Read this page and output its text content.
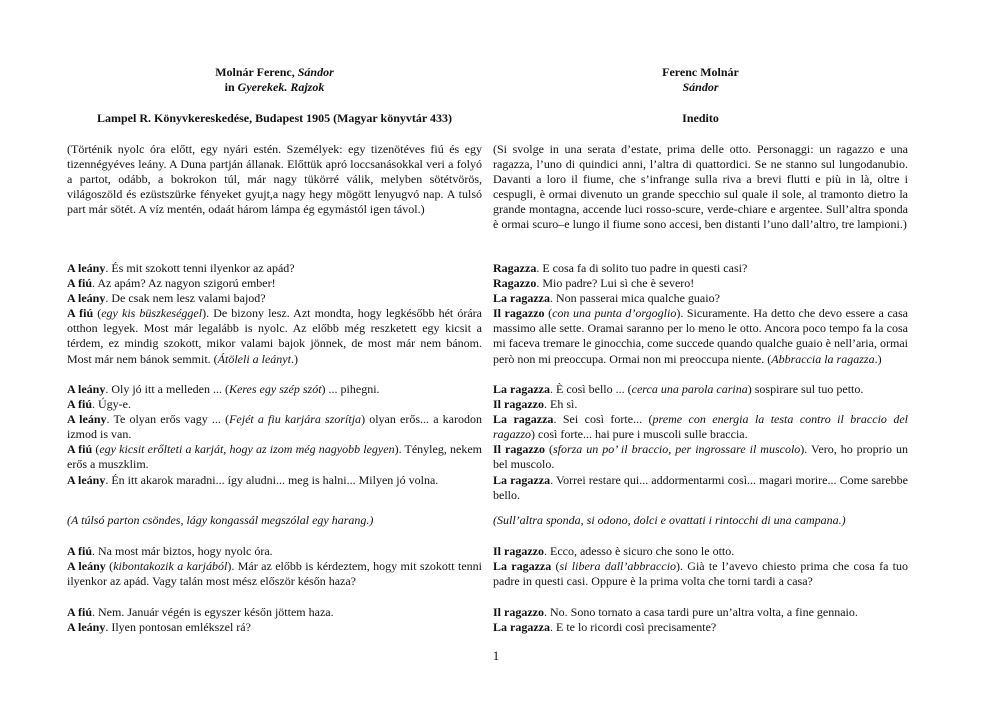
Molnár Ferenc, Sándor
in Gyerekek. Rajzok
Lampel R. Könyvkereskedése, Budapest 1905 (Magyar könyvtár 433)

(Történik nyolc óra előtt, egy nyári estén. Személyek: egy tizenötéves fiú és egy tizennégyéves leány. A Duna partján állanak. Előttük apró loccsanásokkal veri a folyó a partot, odább, a bokrokon túl, már nagy tükörré válik, melyben sötétvörös, világoszöld és ezüstszürke fényeket gyujt,a nagy hegy mögött lenyugvó nap. A tulsó part már sötét. A víz mentén, odaát három lámpa ég egymástól igen távol.)

A leány. És mit szokott tenni ilyenkor az apád?
A fiú. Az apám? Az nagyon szigorú ember!
A leány. De csak nem lesz valami bajod?
A fiú (egy kis büszkeséggel). De bizony lesz. Azt mondta, hogy legkésőbb hét órára otthon legyek. Most már legalább is nyolc. Az előbb még reszketett egy kicsit a térdem, ez mindig szokott, mikor valami bajok jönnek, de most már nem bánom. Most már nem bánok semmit. (Átöleli a leányt.)
A leány. Oly jó itt a melleden ... (Keres egy szép szót) ... pihegni.
A fiú. Úgy-e.
A leány. Te olyan erős vagy ... (Fejét a fiu karjára szorítja) olyan erős... a karodon izmod is van.
A fiú (egy kicsit erőlteti a karját, hogy az izom még nagyobb legyen). Tényleg, nekem erős a muszklim.
A leány. Én itt akarok maradni... így aludni... meg is halni... Milyen jó volna.
(A túlsó parton csöndes, lágy kongassál megszólal egy harang.)
A fiú. Na most már biztos, hogy nyolc óra.
A leány (kibontakozik a karjából). Már az előbb is kérdeztem, hogy mit szokott tenni ilyenkor az apád. Vagy talán most mész először későn haza?
A fiú. Nem. Január végén is egyszer későn jöttem haza.
A leány. Ilyen pontosan emlékszel rá?
Ferenc Molnár
Sándor
Inedito

(Si svolge in una serata d’estate, prima delle otto. Personaggi: un ragazzo e una ragazza, l’uno di quindici anni, l’altra di quattordici. Se ne stanno sul lungodanubio. Davanti a loro il fiume, che s’infrange sulla riva a brevi flutti e più in là, oltre i cespugli, è ormai divenuto un grande specchio sul quale il sole, al tramonto dietro la grande montagna, accende luci rosso-scure, verde-chiare e argentee. Sull’altra sponda è ormai scuro–e lungo il fiume sono accesi, ben distanti l’uno dall’altro, tre lampioni.)

Ragazza. E cosa fa di solito tuo padre in questi casi?
Ragazzo. Mio padre? Lui sì che è severo!
La ragazza. Non passerai mica qualche guaio?
Il ragazzo (con una punta d’orgoglio). Sicuramente. Ha detto che devo essere a casa massimo alle sette. Oramai saranno per lo meno le otto. Ancora poco tempo fa la cosa mi faceva tremare le ginocchia, come succede quando qualche guaio è nell’aria, ormai però non mi preoccupa. Ormai non mi preoccupa niente. (Abbraccia la ragazza.)
La ragazza. È così bello ... (cerca una parola carina) sospirare sul tuo petto.
Il ragazzo. Eh sì.
La ragazza. Sei così forte... (preme con energia la testa contro il braccio del ragazzo) così forte... hai pure i muscoli sulle braccia.
Il ragazzo (sforza un po’ il braccio, per ingrossare il muscolo). Vero, ho proprio un bel muscolo.
La ragazza. Vorrei restare qui... addormentarmi così... magari morire... Come sarebbe bello.
(Sull’altra sponda, si odono, dolci e ovattati i rintocchi di una campana.)
Il ragazzo. Ecco, adesso è sicuro che sono le otto.
La ragazza (si libera dall’abbraccio). Già te l’avevo chiesto prima che cosa fa tuo padre in questi casi. Oppure è la prima volta che torni tardi a casa?
Il ragazzo. No. Sono tornato a casa tardi pure un’altra volta, a fine gennaio.
La ragazza. E te lo ricordi così precisamente?
1
